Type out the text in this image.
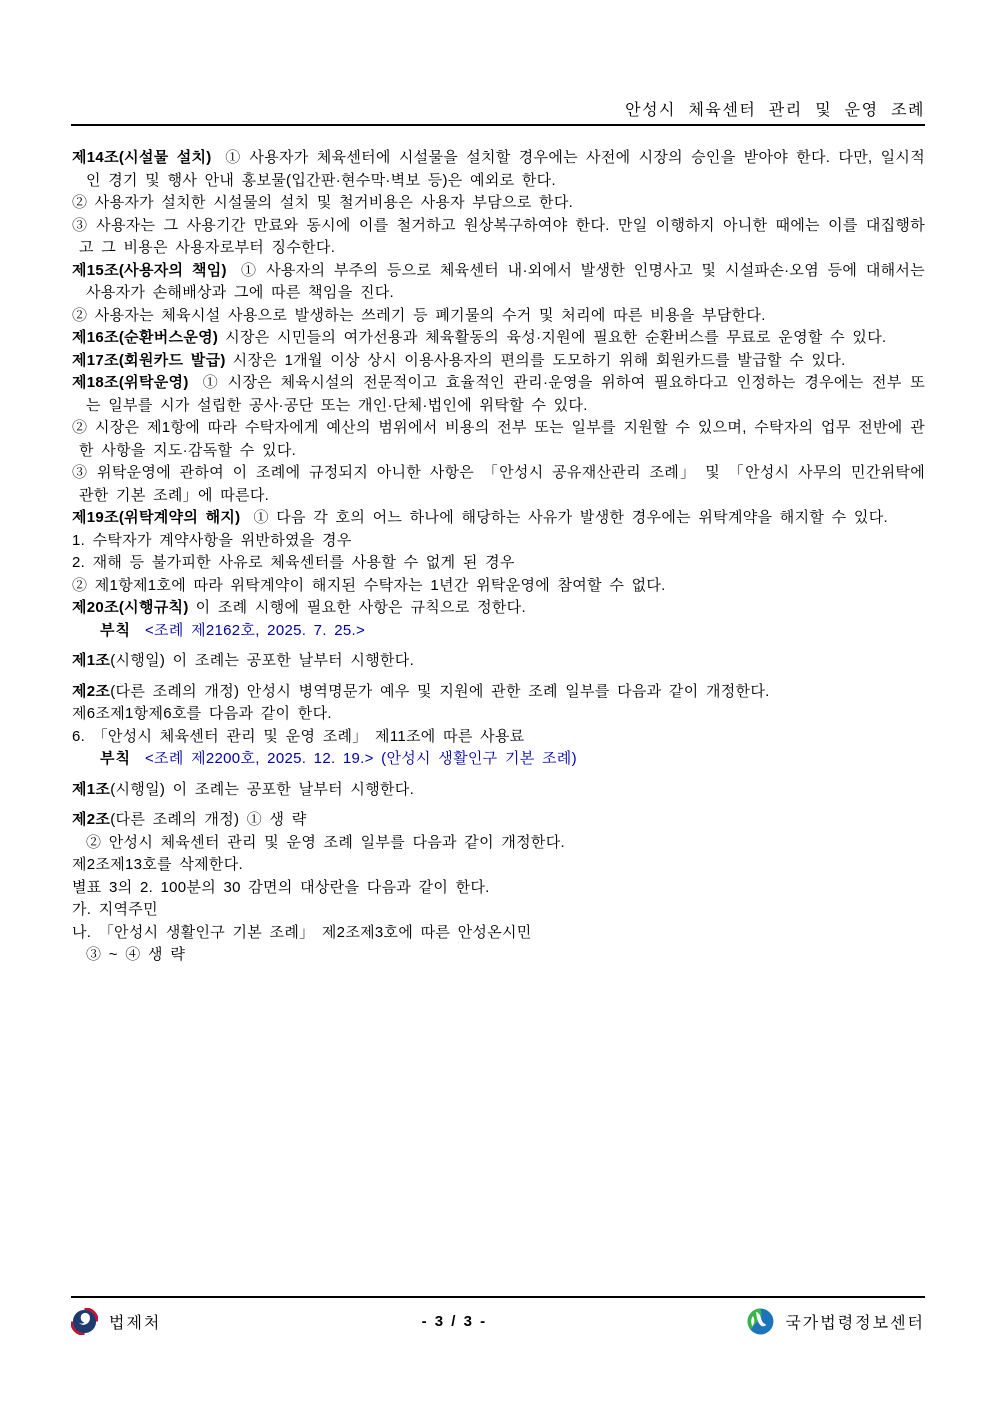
안성시 체육센터 관리 및 운영 조례

제14조(시설물 설치) ① 사용자가 체육센터에 시설물을 설치할 경우에는 사전에 시장의 승인을 받아야 한다. 다만, 일시적인 경기 및 행사 안내 홍보물(입간판·현수막·벽보 등)은 예외로 한다.

② 사용자가 설치한 시설물의 설치 및 철거비용은 사용자 부담으로 한다.

③ 사용자는 그 사용기간 만료와 동시에 이를 철거하고 원상복구하여야 한다. 만일 이행하지 아니한 때에는 이를 대집행하고 그 비용은 사용자로부터 징수한다.

제15조(사용자의 책임) ① 사용자의 부주의 등으로 체육센터 내·외에서 발생한 인명사고 및 시설파손·오염 등에 대해서는 사용자가 손해배상과 그에 따른 책임을 진다.

② 사용자는 체육시설 사용으로 발생하는 쓰레기 등 폐기물의 수거 및 처리에 따른 비용을 부담한다.

제16조(순환버스운영) 시장은 시민들의 여가선용과 체육활동의 육성·지원에 필요한 순환버스를 무료로 운영할 수 있다.

제17조(회원카드 발급) 시장은 1개월 이상 상시 이용사용자의 편의를 도모하기 위해 회원카드를 발급할 수 있다.

제18조(위탁운영) ① 시장은 체육시설의 전문적이고 효율적인 관리·운영을 위하여 필요하다고 인정하는 경우에는 전부 또는 일부를 시가 설립한 공사·공단 또는 개인·단체·법인에 위탁할 수 있다.

② 시장은 제1항에 따라 수탁자에게 예산의 범위에서 비용의 전부 또는 일부를 지원할 수 있으며, 수탁자의 업무 전반에 관한 사항을 지도·감독할 수 있다.

③ 위탁운영에 관하여 이 조례에 규정되지 아니한 사항은 「안성시 공유재산관리 조례」 및 「안성시 사무의 민간위탁에 관한 기본 조례」에 따른다.

제19조(위탁계약의 해지) ① 다음 각 호의 어느 하나에 해당하는 사유가 발생한 경우에는 위탁계약을 해지할 수 있다.

1. 수탁자가 계약사항을 위반하였을 경우

2. 재해 등 불가피한 사유로 체육센터를 사용할 수 없게 된 경우

② 제1항제1호에 따라 위탁계약이 해지된 수탁자는 1년간 위탁운영에 참여할 수 없다.

제20조(시행규칙) 이 조례 시행에 필요한 사항은 규칙으로 정한다.

부칙 <조례 제2162호, 2025. 7. 25.>

제1조(시행일) 이 조례는 공포한 날부터 시행한다.

제2조(다른 조례의 개정) 안성시 병역명문가 예우 및 지원에 관한 조례 일부를 다음과 같이 개정한다.

제6조제1항제6호를 다음과 같이 한다.

6. 「안성시 체육센터 관리 및 운영 조례」 제11조에 따른 사용료

부칙 <조례 제2200호, 2025. 12. 19.> (안성시 생활인구 기본 조례)

제1조(시행일) 이 조례는 공포한 날부터 시행한다.

제2조(다른 조례의 개정) ① 생 략

② 안성시 체육센터 관리 및 운영 조례 일부를 다음과 같이 개정한다.

제2조제13호를 삭제한다.

별표 3의 2. 100분의 30 감면의 대상란을 다음과 같이 한다.

가. 지역주민

나. 「안성시 생활인구 기본 조례」 제2조제3호에 따른 안성온시민

③ ~ ④ 생 략

법제처	- 3 / 3 -	국가법령정보센터
